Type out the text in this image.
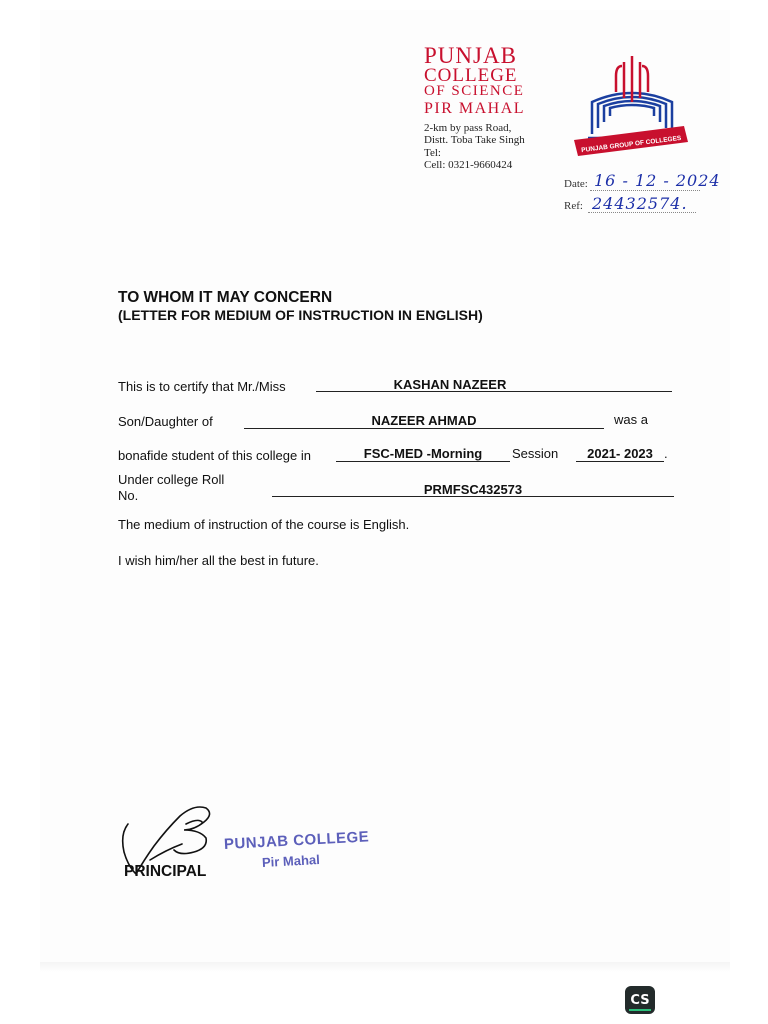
PUNJAB
COLLEGE
OF SCIENCE
PIR MAHAL
2-km by pass Road,
Distt. Toba Take Singh
Tel:
Cell: 0321-9660424
PUNJAB GROUP OF COLLEGES
Date: 16 - 12 - 2024
Ref: 24432574.
TO WHOM IT MAY CONCERN
(LETTER FOR MEDIUM OF INSTRUCTION IN ENGLISH)
This is to certify that Mr./Miss	KASHAN NAZEER
Son/Daughter of	NAZEER AHMAD	was a
bonafide student of this college in	FSC-MED -Morning	Session	2021- 2023 .
Under college Roll
No.	PRMFSC432573
The medium of instruction of the course is English.
I wish him/her all the best in future.
PRINCIPAL
PUNJAB COLLEGE
Pir Mahal
CS
